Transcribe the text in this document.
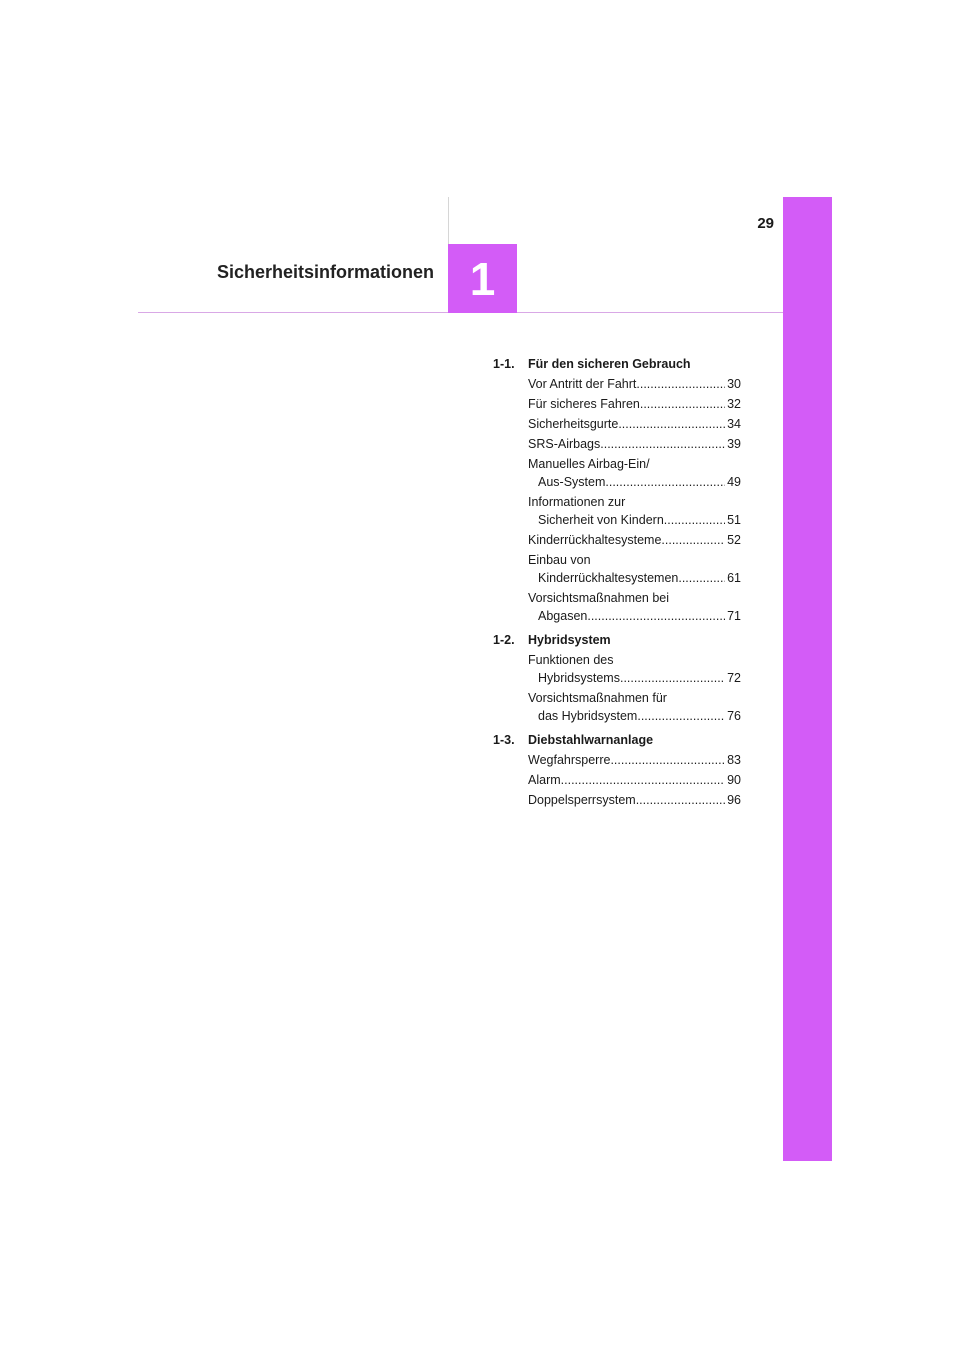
Sicherheitsinformationen 1
29
1-1.	Für den sicheren Gebrauch
Vor Antritt der Fahrt .....	30
Für sicheres Fahren .....	32
Sicherheitsgurte .....	34
SRS-Airbags .....	39
Manuelles Airbag-Ein/
Aus-System .....	49
Informationen zur
Sicherheit von Kindern .....	51
Kinderrückhaltesysteme .....	52
Einbau von
Kinderrückhaltesystemen .....	61
Vorsichtsmaßnahmen bei
Abgasen .....	71
1-2.	Hybridsystem
Funktionen des
Hybridsystems .....	72
Vorsichtsmaßnahmen für
das Hybridsystem .....	76
1-3.	Diebstahlwarnanlage
Wegfahrsperre .....	83
Alarm .....	90
Doppelsperrsystem .....	96
